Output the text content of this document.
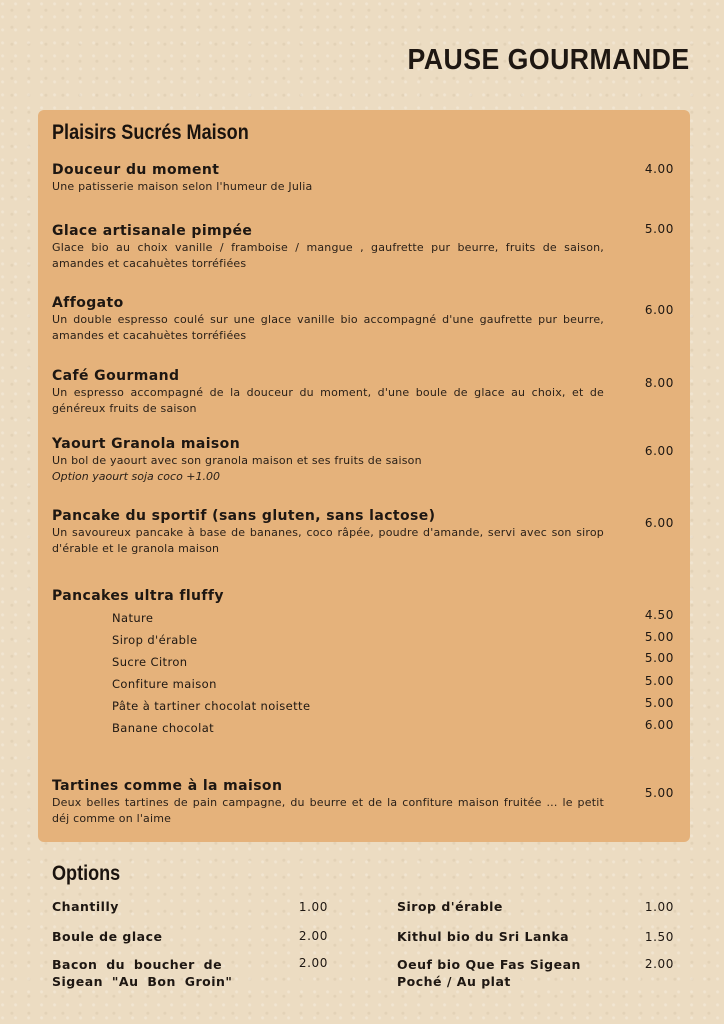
PAUSE GOURMANDE
Plaisirs Sucrés Maison
Douceur du moment
Une patisserie maison selon l'humeur de Julia
4.00
Glace artisanale pimpée
Glace bio au choix vanille / framboise / mangue , gaufrette pur beurre, fruits de saison, amandes et cacahuètes torréfiées
5.00
Affogato
Un double espresso coulé sur une glace vanille bio accompagné d'une gaufrette pur beurre, amandes et cacahuètes torréfiées
6.00
Café Gourmand
Un espresso accompagné de la douceur du moment, d'une boule de glace au choix, et de généreux fruits de saison
8.00
Yaourt Granola maison
Un bol de yaourt avec son granola maison et ses fruits de saison
Option yaourt soja coco +1.00
6.00
Pancake du sportif (sans gluten, sans lactose)
Un savoureux pancake à base de bananes, coco râpée, poudre d'amande, servi avec son sirop d'érable et le granola maison
6.00
Pancakes ultra fluffy
Nature	4.50
Sirop d'érable	5.00
Sucre Citron	5.00
Confiture maison	5.00
Pâte à tartiner chocolat noisette	5.00
Banane chocolat	6.00
Tartines comme à la maison
Deux belles tartines de pain campagne, du beurre et de la confiture maison fruitée ... le petit déj comme on l'aime
5.00
Options
Chantilly	1.00
Boule de glace	2.00
Bacon du boucher de Sigean "Au Bon Groin"
2.00
Sirop d'érable	1.00
Kithul bio du Sri Lanka	1.50
Oeuf bio Que Fas Sigean Poché / Au plat
2.00
